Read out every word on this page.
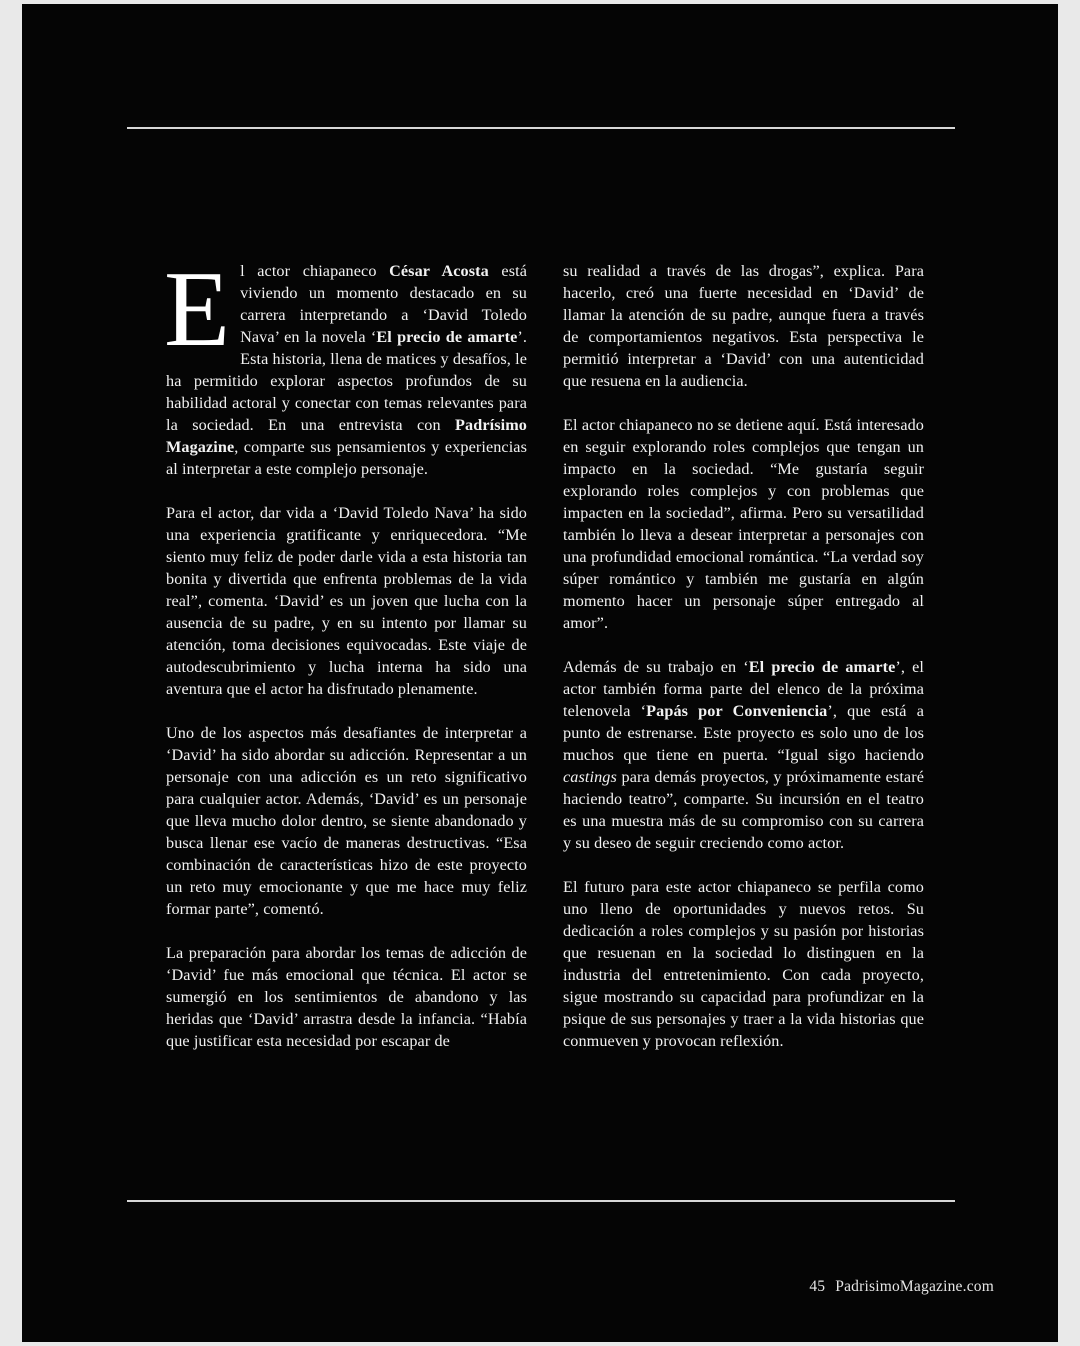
El actor chiapaneco César Acosta está viviendo un momento destacado en su carrera interpretando a ‘David Toledo Nava’ en la novela ‘El precio de amarte’. Esta historia, llena de matices y desafíos, le ha permitido explorar aspectos profundos de su habilidad actoral y conectar con temas relevantes para la sociedad. En una entrevista con Padrísimo Magazine, comparte sus pensamientos y experiencias al interpretar a este complejo personaje.

Para el actor, dar vida a ‘David Toledo Nava’ ha sido una experiencia gratificante y enriquecedora. “Me siento muy feliz de poder darle vida a esta historia tan bonita y divertida que enfrenta problemas de la vida real”, comenta. ‘David’ es un joven que lucha con la ausencia de su padre, y en su intento por llamar su atención, toma decisiones equivocadas. Este viaje de autodescubrimiento y lucha interna ha sido una aventura que el actor ha disfrutado plenamente.

Uno de los aspectos más desafiantes de interpretar a ‘David’ ha sido abordar su adicción. Representar a un personaje con una adicción es un reto significativo para cualquier actor. Además, ‘David’ es un personaje que lleva mucho dolor dentro, se siente abandonado y busca llenar ese vacío de maneras destructivas. “Esa combinación de características hizo de este proyecto un reto muy emocionante y que me hace muy feliz formar parte”, comentó.

La preparación para abordar los temas de adicción de ‘David’ fue más emocional que técnica. El actor se sumergió en los sentimientos de abandono y las heridas que ‘David’ arrastra desde la infancia. “Había que justificar esta necesidad por escapar de

su realidad a través de las drogas”, explica. Para hacerlo, creó una fuerte necesidad en ‘David’ de llamar la atención de su padre, aunque fuera a través de comportamientos negativos. Esta perspectiva le permitió interpretar a ‘David’ con una autenticidad que resuena en la audiencia.

El actor chiapaneco no se detiene aquí. Está interesado en seguir explorando roles complejos que tengan un impacto en la sociedad. “Me gustaría seguir explorando roles complejos y con problemas que impacten en la sociedad”, afirma. Pero su versatilidad también lo lleva a desear interpretar a personajes con una profundidad emocional romántica. “La verdad soy súper romántico y también me gustaría en algún momento hacer un personaje súper entregado al amor”.

Además de su trabajo en ‘El precio de amarte’, el actor también forma parte del elenco de la próxima telenovela ‘Papás por Conveniencia’, que está a punto de estrenarse. Este proyecto es solo uno de los muchos que tiene en puerta. “Igual sigo haciendo castings para demás proyectos, y próximamente estaré haciendo teatro”, comparte. Su incursión en el teatro es una muestra más de su compromiso con su carrera y su deseo de seguir creciendo como actor.

El futuro para este actor chiapaneco se perfila como uno lleno de oportunidades y nuevos retos. Su dedicación a roles complejos y su pasión por historias que resuenan en la sociedad lo distinguen en la industria del entretenimiento. Con cada proyecto, sigue mostrando su capacidad para profundizar en la psique de sus personajes y traer a la vida historias que conmueven y provocan reflexión.

45 PadrisimoMagazine.com
